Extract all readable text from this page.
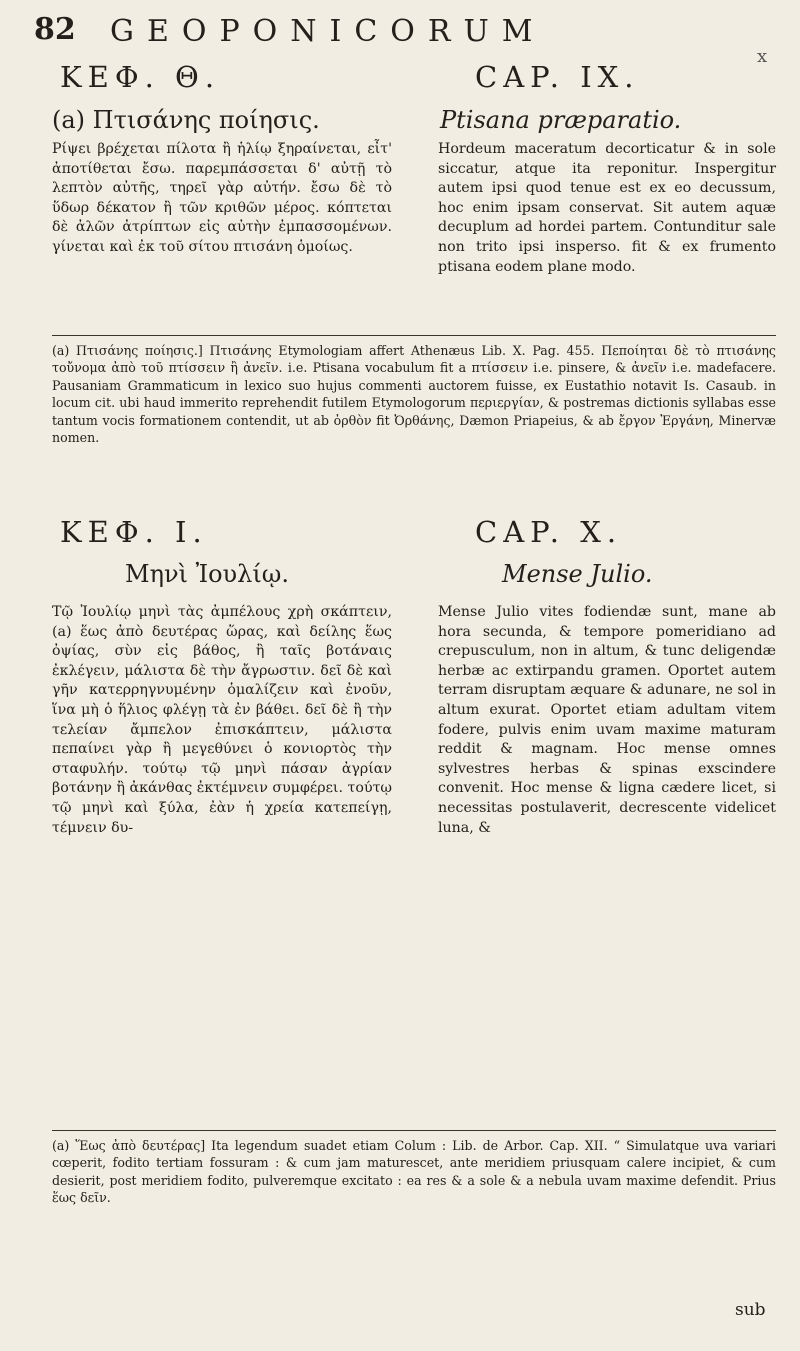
82 GEOPONICORUM
x
ΚΕΦ. Θ.	CAP. IX.
(a) Πτισάνης ποίησις.	Ptisana præparatio.

Ρίψει βρέχεται πίλοτα ἢ ἡλίῳ ξηραίνεται, εἶτ' ἀποτίθεται ἔσω. παρεμπάσσεται δ' αὐτῇ τὸ λεπτὸν αὐτῆς, τηρεῖ γὰρ αὐτήν. ἔσω δὲ τὸ ὕδωρ δέκατον ἢ τῶν κριθῶν μέρος. κόπτεται δὲ ἀλῶν ἀτρίπτων εἰς αὐτὴν ἐμπασσομένων. γίνεται καὶ ἐκ τοῦ σίτου πτισάνη ὁμοίως.

Hordeum maceratum decorticatur & in sole siccatur, atque ita reponitur. Inspergitur autem ipsi quod tenue est ex eo decussum, hoc enim ipsam conservat. Sit autem aquæ decuplum ad hordei partem. Contunditur sale non trito ipsi insperso. fit & ex frumento ptisana eodem plane modo.

(a) Πτισάνης ποίησις.] Πτισάνης Etymologiam affert Athenæus Lib. X. Pag. 455. Πεποίηται δὲ τὸ πτισάνης τοὔνομα ἀπὸ τοῦ πτίσσειν ἢ ἀνεῖν. i.e. Ptisana vocabulum fit a πτίσσειν i.e. pinsere, & ἀνεῖν i.e. madefacere. Pausaniam Grammaticum in lexico suo hujus commenti auctorem fuisse, ex Eustathio notavit Is. Casaub. in locum cit. ubi haud immerito reprehendit futilem Etymologorum περιεργίαν, & postremas dictionis syllabas esse tantum vocis formationem contendit, ut ab ὀρθὸν fit Ὀρθάνης, Dæmon Priapeius, & ab ἔργον Ἐργάνη, Minervæ nomen.

ΚΕΦ. Ι.	CAP. X.
Μηνὶ Ἰουλίῳ.	Mense Julio.

Τῷ Ἰουλίῳ μηνὶ τὰς ἀμπέλους χρὴ σκάπτειν, (a) ἕως ἀπὸ δευτέρας ὥρας, καὶ δείλης ἕως ὀψίας, σὺν εἰς βάθος, ἢ ταῖς βοτάναις ἐκλέγειν, μάλιστα δὲ τὴν ἄγρωστιν. δεῖ δὲ καὶ γῆν κατερρηγνυμένην ὁμαλίζειν καὶ ἐνοῦν, ἵνα μὴ ὁ ἥλιος φλέγῃ τὰ ἐν βάθει. δεῖ δὲ ἢ τὴν τελείαν ἄμπελον ἐπισκάπτειν, μάλιστα πεπαίνει γὰρ ἢ μεγεθύνει ὁ κονιορτὸς τὴν σταφυλήν. τούτῳ τῷ μηνὶ πάσαν ἀγρίαν βοτάνην ἢ ἀκάνθας ἐκτέμνειν συμφέρει. τούτῳ τῷ μηνὶ καὶ ξύλα, ἐὰν ἡ χρεία κατεπείγῃ, τέμνειν δυ-

Mense Julio vites fodiendæ sunt, mane ab hora secunda, & tempore pomeridiano ad crepusculum, non in altum, & tunc deligendæ herbæ ac extirpandu gramen. Oportet autem terram disruptam æquare & adunare, ne sol in altum exurat. Oportet etiam adultam vitem fodere, pulvis enim uvam maxime maturam reddit & magnam. Hoc mense omnes sylvestres herbas & spinas exscindere convenit. Hoc mense & ligna cædere licet, si necessitas postulaverit, decrescente videlicet luna, &

(a) Ἕως ἀπὸ δευτέρας] Ita legendum suadet etiam Colum : Lib. de Arbor. Cap. XII. “ Simulatque uva variari cœperit, fodito tertiam fossuram : & cum jam maturescet, ante meridiem priusquam calere incipiet, & cum desierit, post meridiem fodito, pulveremque excitato : ea res & a sole & a nebula uvam maxime defendit. Prius ἕως δεῖν.

sub
